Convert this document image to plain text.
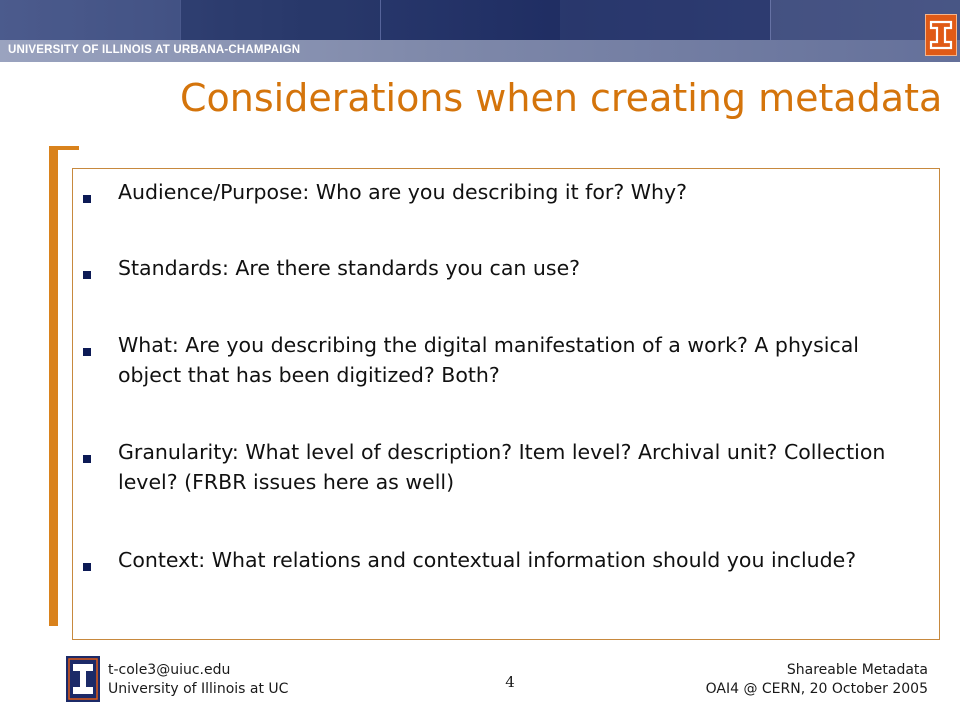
UNIVERSITY OF ILLINOIS AT URBANA-CHAMPAIGN
Considerations when creating metadata
Audience/Purpose: Who are you describing it for? Why?
Standards: Are there standards you can use?
What: Are you describing the digital manifestation of a work? A physical object that has been digitized? Both?
Granularity: What level of description? Item level? Archival unit? Collection level? (FRBR issues here as well)
Context: What relations and contextual information should you include?
t-cole3@uiuc.edu
University of Illinois at UC	4
Shareable Metadata
OAI4 @ CERN, 20 October 2005
